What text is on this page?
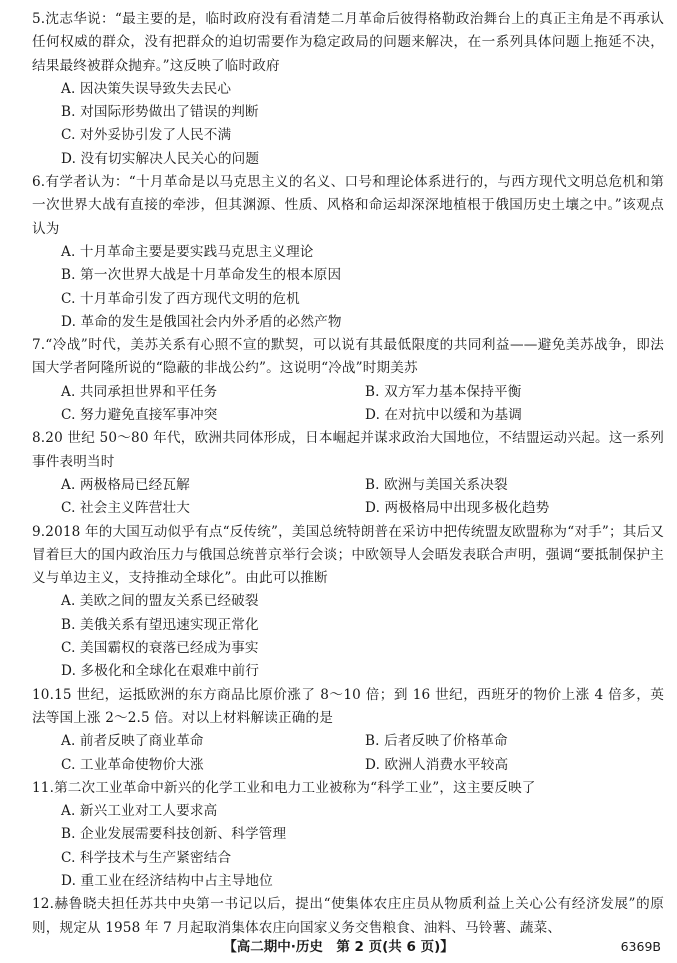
5.沈志华说：“最主要的是，临时政府没有看清楚二月革命后彼得格勒政治舞台上的真正主角是不再承认任何权威的群众，没有把群众的迫切需要作为稳定政局的问题来解决，在一系列具体问题上拖延不决，结果最终被群众抛弃。”这反映了临时政府

A. 因决策失误导致失去民心

B. 对国际形势做出了错误的判断

C. 对外妥协引发了人民不满

D. 没有切实解决人民关心的问题

6.有学者认为：“十月革命是以马克思主义的名义、口号和理论体系进行的，与西方现代文明总危机和第一次世界大战有直接的牵涉，但其渊源、性质、风格和命运却深深地植根于俄国历史土壤之中。”该观点认为

A. 十月革命主要是要实践马克思主义理论

B. 第一次世界大战是十月革命发生的根本原因

C. 十月革命引发了西方现代文明的危机

D. 革命的发生是俄国社会内外矛盾的必然产物

7.“冷战”时代，美苏关系有心照不宣的默契，可以说有其最低限度的共同利益——避免美苏战争，即法国大学者阿隆所说的“隐蔽的非战公约”。这说明“冷战”时期美苏

A. 共同承担世界和平任务	B. 双方军力基本保持平衡
C. 努力避免直接军事冲突	D. 在对抗中以缓和为基调

8.20 世纪 50～80 年代，欧洲共同体形成，日本崛起并谋求政治大国地位，不结盟运动兴起。这一系列事件表明当时

A. 两极格局已经瓦解	B. 欧洲与美国关系决裂
C. 社会主义阵营壮大	D. 两极格局中出现多极化趋势

9.2018 年的大国互动似乎有点“反传统”，美国总统特朗普在采访中把传统盟友欧盟称为“对手”；其后又冒着巨大的国内政治压力与俄国总统普京举行会谈；中欧领导人会晤发表联合声明，强调“要抵制保护主义与单边主义，支持推动全球化”。由此可以推断

A. 美欧之间的盟友关系已经破裂

B. 美俄关系有望迅速实现正常化

C. 美国霸权的衰落已经成为事实

D. 多极化和全球化在艰难中前行

10.15 世纪，运抵欧洲的东方商品比原价涨了 8～10 倍；到 16 世纪，西班牙的物价上涨 4 倍多，英法等国上涨 2～2.5 倍。对以上材料解读正确的是

A. 前者反映了商业革命	B. 后者反映了价格革命
C. 工业革命使物价大涨	D. 欧洲人消费水平较高

11.第二次工业革命中新兴的化学工业和电力工业被称为“科学工业”，这主要反映了

A. 新兴工业对工人要求高

B. 企业发展需要科技创新、科学管理

C. 科学技术与生产紧密结合

D. 重工业在经济结构中占主导地位

12.赫鲁晓夫担任苏共中央第一书记以后，提出“使集体农庄庄员从物质利益上关心公有经济发展”的原则，规定从 1958 年 7 月起取消集体农庄向国家义务交售粮食、油料、马铃薯、蔬菜、

【高二期中·历史　第 2 页(共 6 页)】	6369B
